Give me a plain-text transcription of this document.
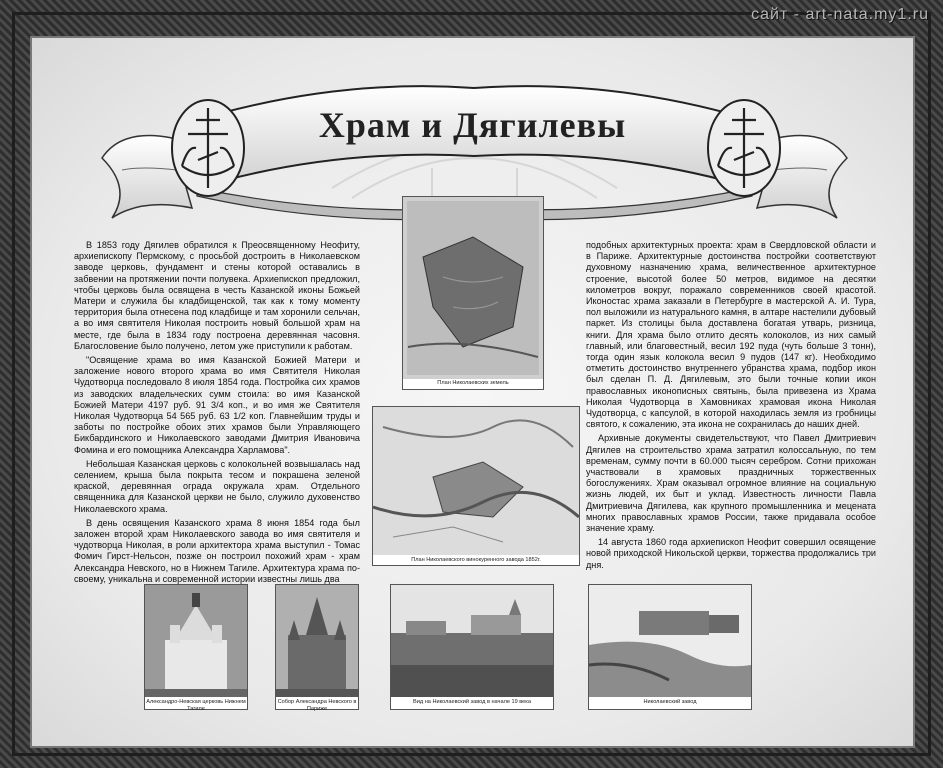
сайт - art-nata.my1.ru
Храм и Дягилевы

В 1853 году Дягилев обратился к Преосвященному Неофиту, архиепископу Пермскому, с просьбой достроить в Николаевском заводе церковь, фундамент и стены которой оставались в забвении на протяжении почти полувека. Архиепископ предложил, чтобы церковь была освящена в честь Казанской иконы Божьей Матери и служила бы кладбищенской, так как к тому моменту территория была отнесена под кладбище и там хоронили сельчан, а во имя святителя Николая построить новый большой храм на месте, где была в 1834 году построена деревянная часовня. Благословение было получено, летом уже приступили к работам.

"Освящение храма во имя Казанской Божией Матери и заложение нового второго храма во имя Святителя Николая Чудотворца последовало 8 июля 1854 года. Постройка сих храмов из заводских владельческих сумм стоила: во имя Казанской Божией Матери 4197 руб. 91 3/4 коп., и во имя же Святителя Николая Чудотворца 54 565 руб. 63 1/2 коп. Главнейшим труды и заботы по постройке обоих этих храмов были Управляющего Бикбардинского и Николаевского заводами Дмитрия Ивановича Фомина и его помощника Александра Харламова".

Небольшая Казанская церковь с колокольней возвышалась над селением, крыша была покрыта тесом и покрашена зеленой краской, деревянная ограда окружала храм. Отдельного священника для Казанской церкви не было, служило духовенство Николаевского храма.

В день освящения Казанского храма 8 июня 1854 года был заложен второй храм Николаевского завода во имя святителя и чудотворца Николая, в роли архитектора храма выступил - Томас Фомич Гирст-Нельсон, позже он построил похожий храм - храм Александра Невского, но в Нижнем Тагиле. Архитектура храма по-своему, уникальна и современной истории известны лишь два

подобных архитектурных проекта: храм в Свердловской области и в Париже. Архитектурные достоинства постройки соответствуют духовному назначению храма, величественное архитектурное строение, высотой более 50 метров, видимое на десятки километров вокруг, поражало современников своей красотой. Иконостас храма заказали в Петербурге в мастерской А. И. Тура, пол выложили из натурального камня, в алтаре настелили дубовый паркет. Из столицы была доставлена богатая утварь, ризница, книги. Для храма было отлито десять колоколов, из них самый главный, или благовестный, весил 192 пуда (чуть больше 3 тонн), тогда один язык колокола весил 9 пудов (147 кг). Необходимо отметить достоинство внутреннего убранства храма, подбор икон был сделан П. Д. Дягилевым, это были точные копии икон православных иконописных святынь, была привезена из Храма Николая Чудотворца в Хамовниках храмовая икона Николая Чудотворца, с капсулой, в которой находилась земля из гробницы святого, к сожалению, эта икона не сохранилась до наших дней.

Архивные документы свидетельствуют, что Павел Дмитриевич Дягилев на строительство храма затратил колоссальную, по тем временам, сумму почти в 60.000 тысяч серебром. Сотни прихожан участвовали в храмовых праздничных торжественных богослужениях. Храм оказывал огромное влияние на социальную жизнь людей, их быт и уклад. Известность личности Павла Дмитриевича Дягилева, как крупного промышленника и мецената многих православных храмов России, также придавала особое значение храму.

14 августа 1860 года архиепископ Неофит совершил освящение новой приходской Никольской церкви, торжества продолжались три дня.

План Николаевских земель
План Николаевского винокуренного завода 1852г.
Александро-Невская церковь Нижнем Тагиле
Собор Александра Невского в Париже
Вид на Николаевский завод в начале 19 века	Николаевский завод
